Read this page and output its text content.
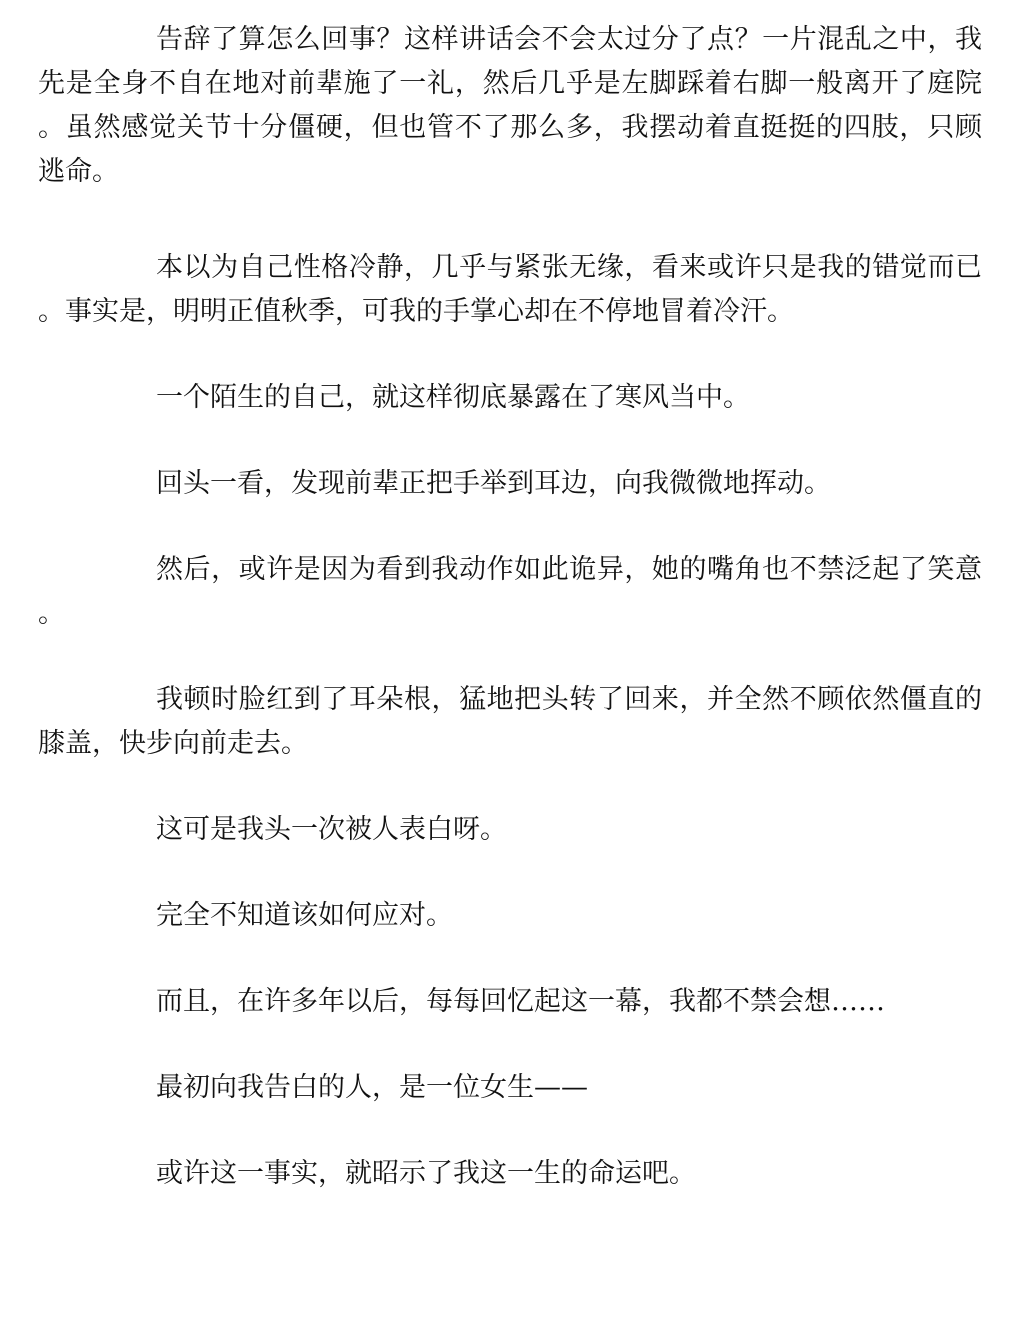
告辞了算怎么回事？这样讲话会不会太过分了点？一片混乱之中，我先是全身不自在地对前辈施了一礼，然后几乎是左脚踩着右脚一般离开了庭院。虽然感觉关节十分僵硬，但也管不了那么多，我摆动着直挺挺的四肢，只顾逃命。

本以为自己性格冷静，几乎与紧张无缘，看来或许只是我的错觉而已。事实是，明明正值秋季，可我的手掌心却在不停地冒着冷汗。

一个陌生的自己，就这样彻底暴露在了寒风当中。

回头一看，发现前辈正把手举到耳边，向我微微地挥动。

然后，或许是因为看到我动作如此诡异，她的嘴角也不禁泛起了笑意。

我顿时脸红到了耳朵根，猛地把头转了回来，并全然不顾依然僵直的膝盖，快步向前走去。

这可是我头一次被人表白呀。

完全不知道该如何应对。

而且，在许多年以后，每每回忆起这一幕，我都不禁会想……

最初向我告白的人，是一位女生——

或许这一事实，就昭示了我这一生的命运吧。
